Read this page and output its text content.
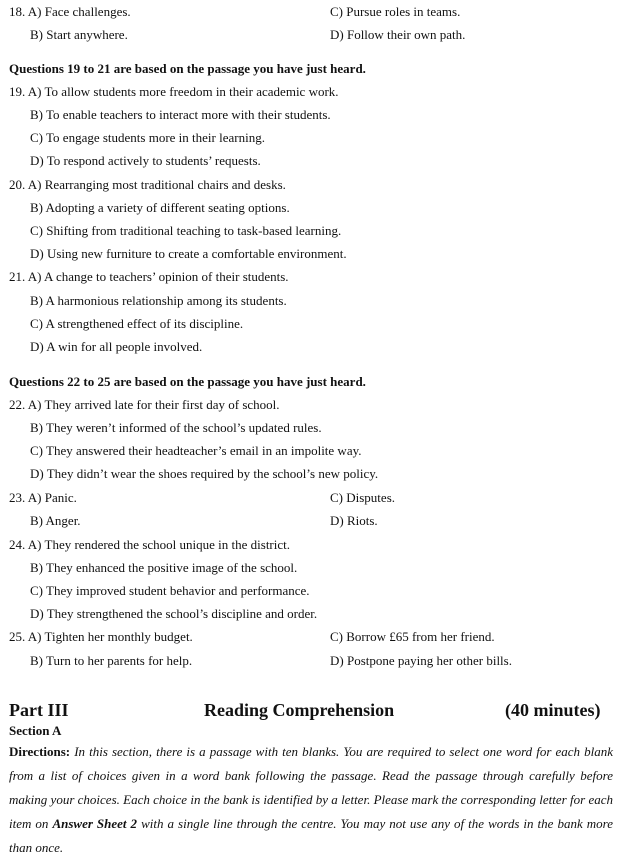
18. A) Face challenges.	C) Pursue roles in teams.
B) Start anywhere.	D) Follow their own path.
Questions 19 to 21 are based on the passage you have just heard.
19. A) To allow students more freedom in their academic work.
B) To enable teachers to interact more with their students.
C) To engage students more in their learning.
D) To respond actively to students’ requests.
20. A) Rearranging most traditional chairs and desks.
B) Adopting a variety of different seating options.
C) Shifting from traditional teaching to task-based learning.
D) Using new furniture to create a comfortable environment.
21. A) A change to teachers’ opinion of their students.
B) A harmonious relationship among its students.
C) A strengthened effect of its discipline.
D) A win for all people involved.
Questions 22 to 25 are based on the passage you have just heard.
22. A) They arrived late for their first day of school.
B) They weren’t informed of the school’s updated rules.
C) They answered their headteacher’s email in an impolite way.
D) They didn’t wear the shoes required by the school’s new policy.
23. A) Panic.	C) Disputes.
B) Anger.	D) Riots.
24. A) They rendered the school unique in the district.
B) They enhanced the positive image of the school.
C) They improved student behavior and performance.
D) They strengthened the school’s discipline and order.
25. A) Tighten her monthly budget.	C) Borrow £65 from her friend.
B) Turn to her parents for help.	D) Postpone paying her other bills.
Part III	Reading Comprehension	(40 minutes)
Section A
Directions: In this section, there is a passage with ten blanks. You are required to select one word for each blank from a list of choices given in a word bank following the passage. Read the passage through carefully before making your choices. Each choice in the bank is identified by a letter. Please mark the corresponding letter for each item on Answer Sheet 2 with a single line through the centre. You may not use any of the words in the bank more than once.
